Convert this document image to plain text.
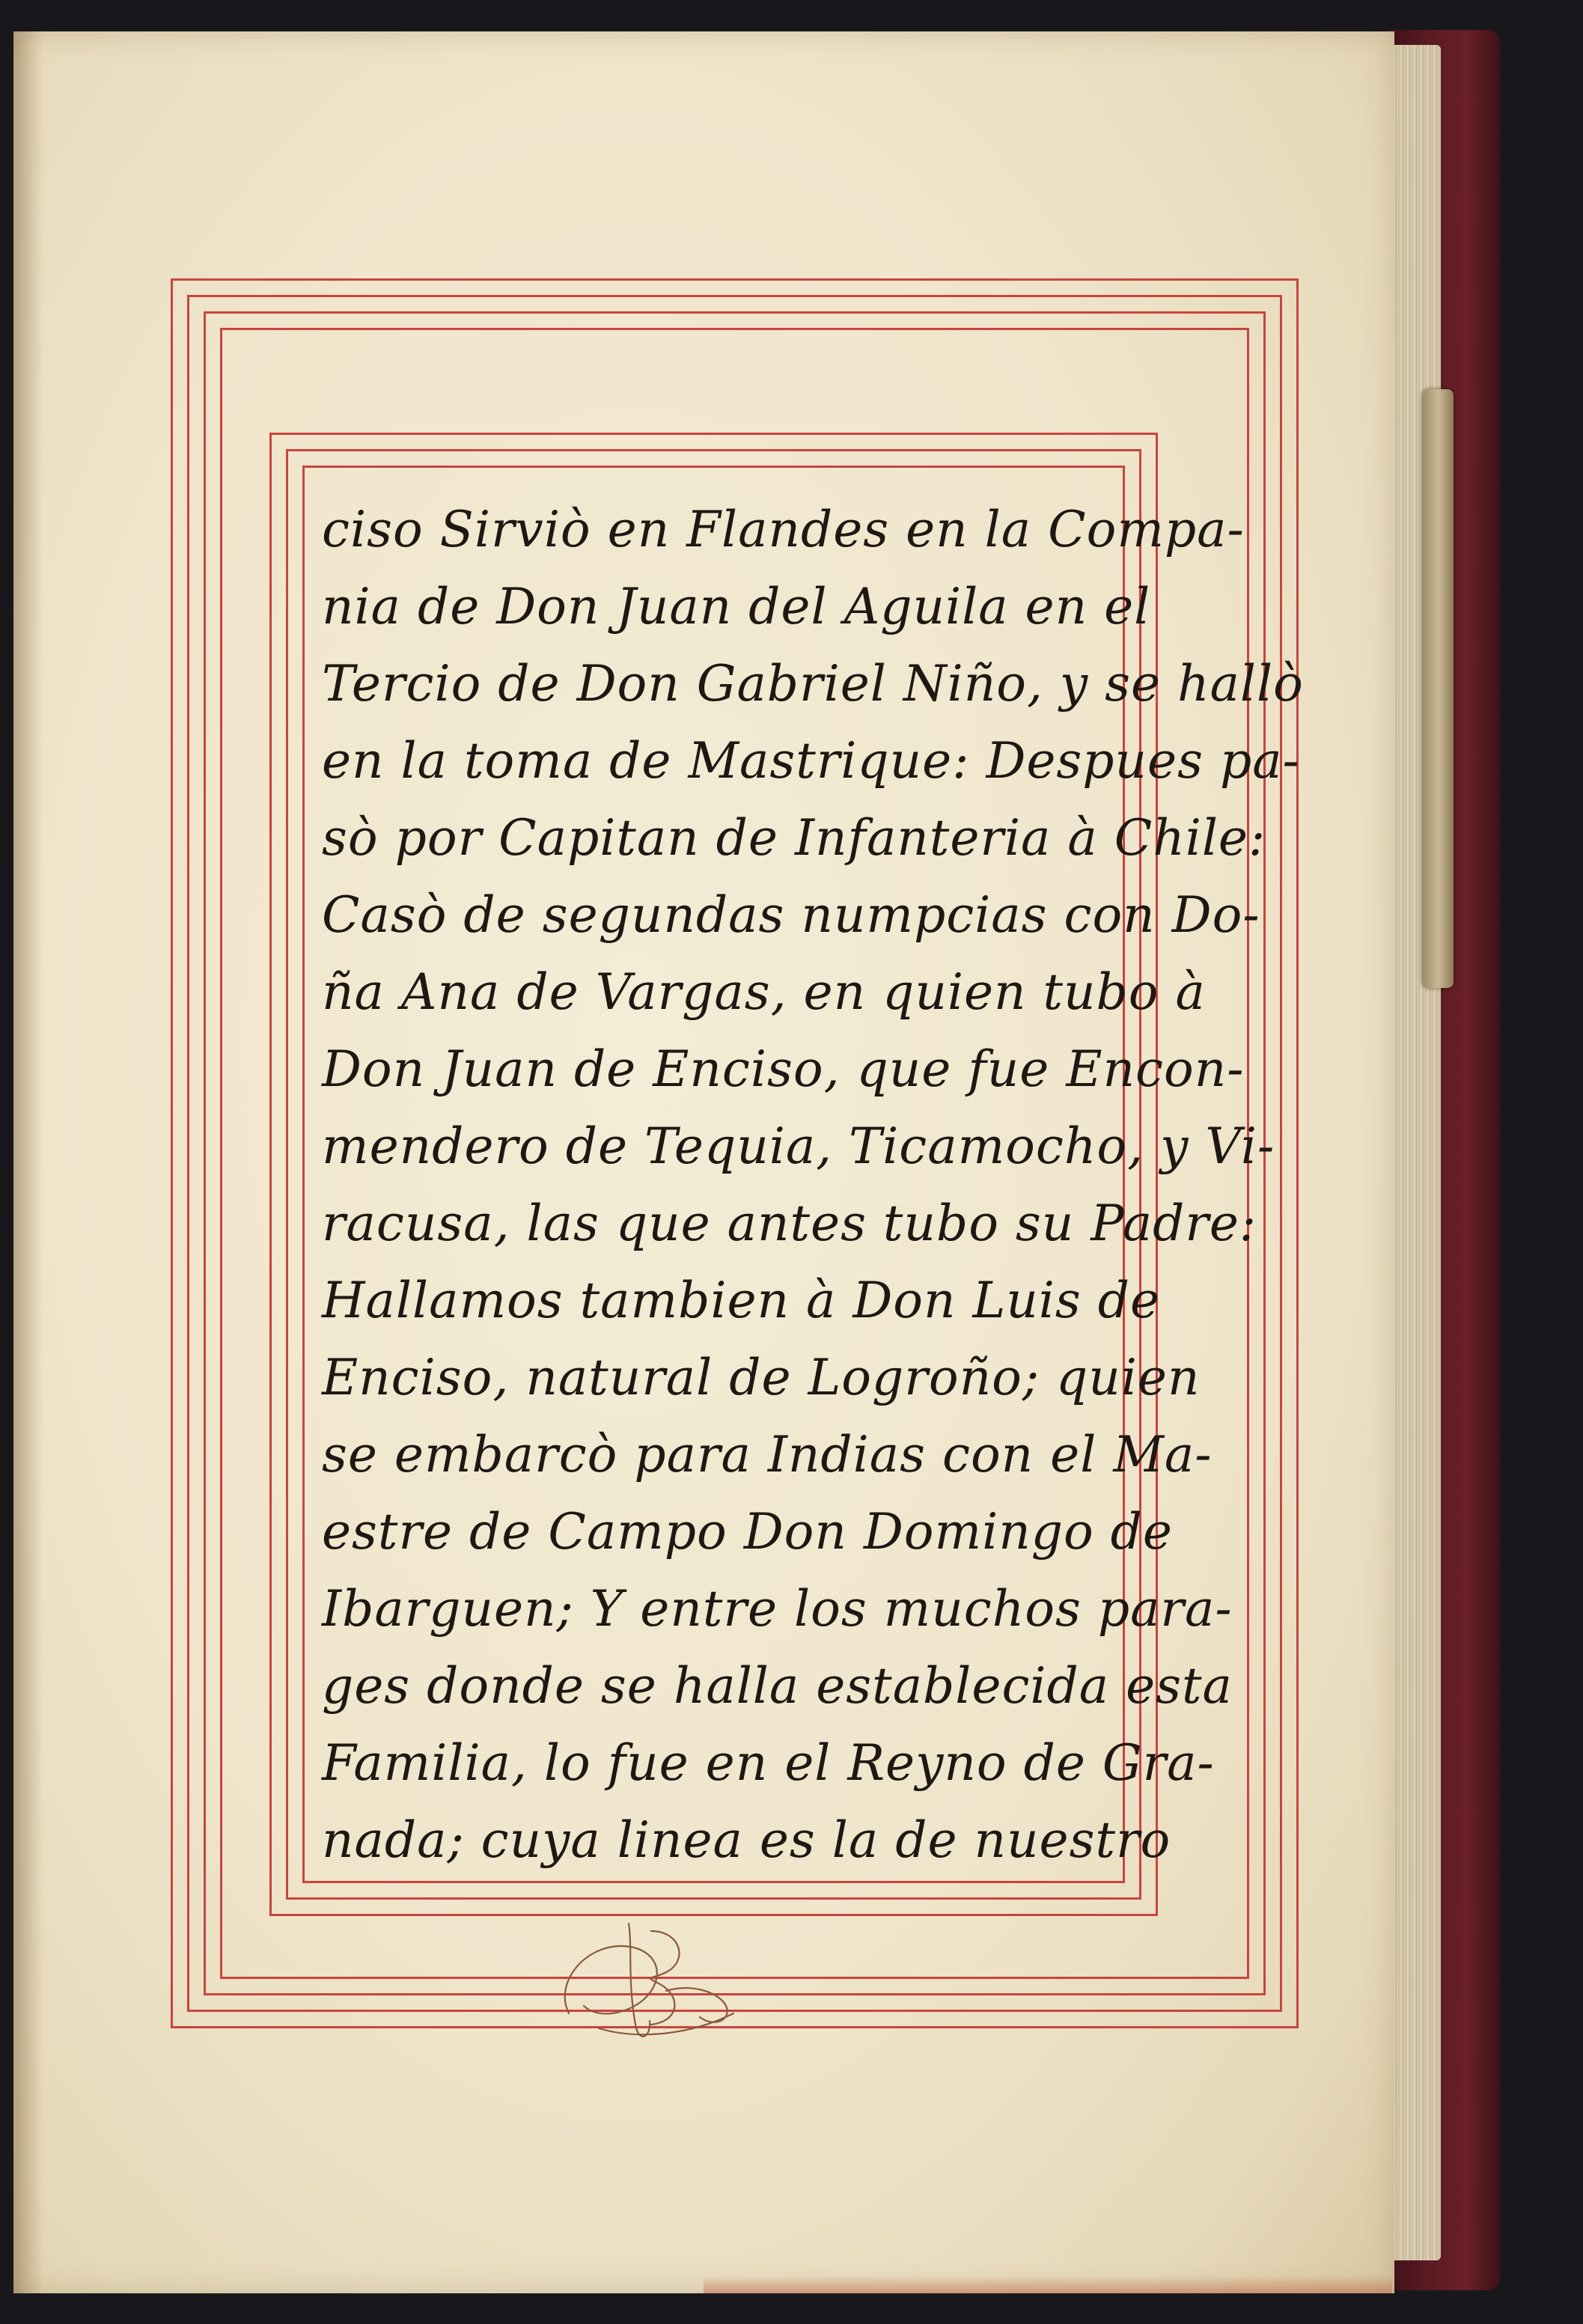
ciso Sirviò en Flandes en la Compa-
nia de Don Juan del Aguila en el
Tercio de Don Gabriel Niño, y se hallò
en la toma de Mastrique: Despues pa-
sò por Capitan de Infanteria à Chile:
Casò de segundas numpcias con Do-
ña Ana de Vargas, en quien tubo à
Don Juan de Enciso, que fue Encon-
mendero de Tequia, Ticamocho, y Vi-
racusa, las que antes tubo su Padre:
Hallamos tambien à Don Luis de
Enciso, natural de Logroño; quien
se embarcò para Indias con el Ma-
estre de Campo Don Domingo de
Ibarguen; Y entre los muchos para-
ges donde se halla establecida esta
Familia, lo fue en el Reyno de Gra-
nada; cuya linea es la de nuestro
